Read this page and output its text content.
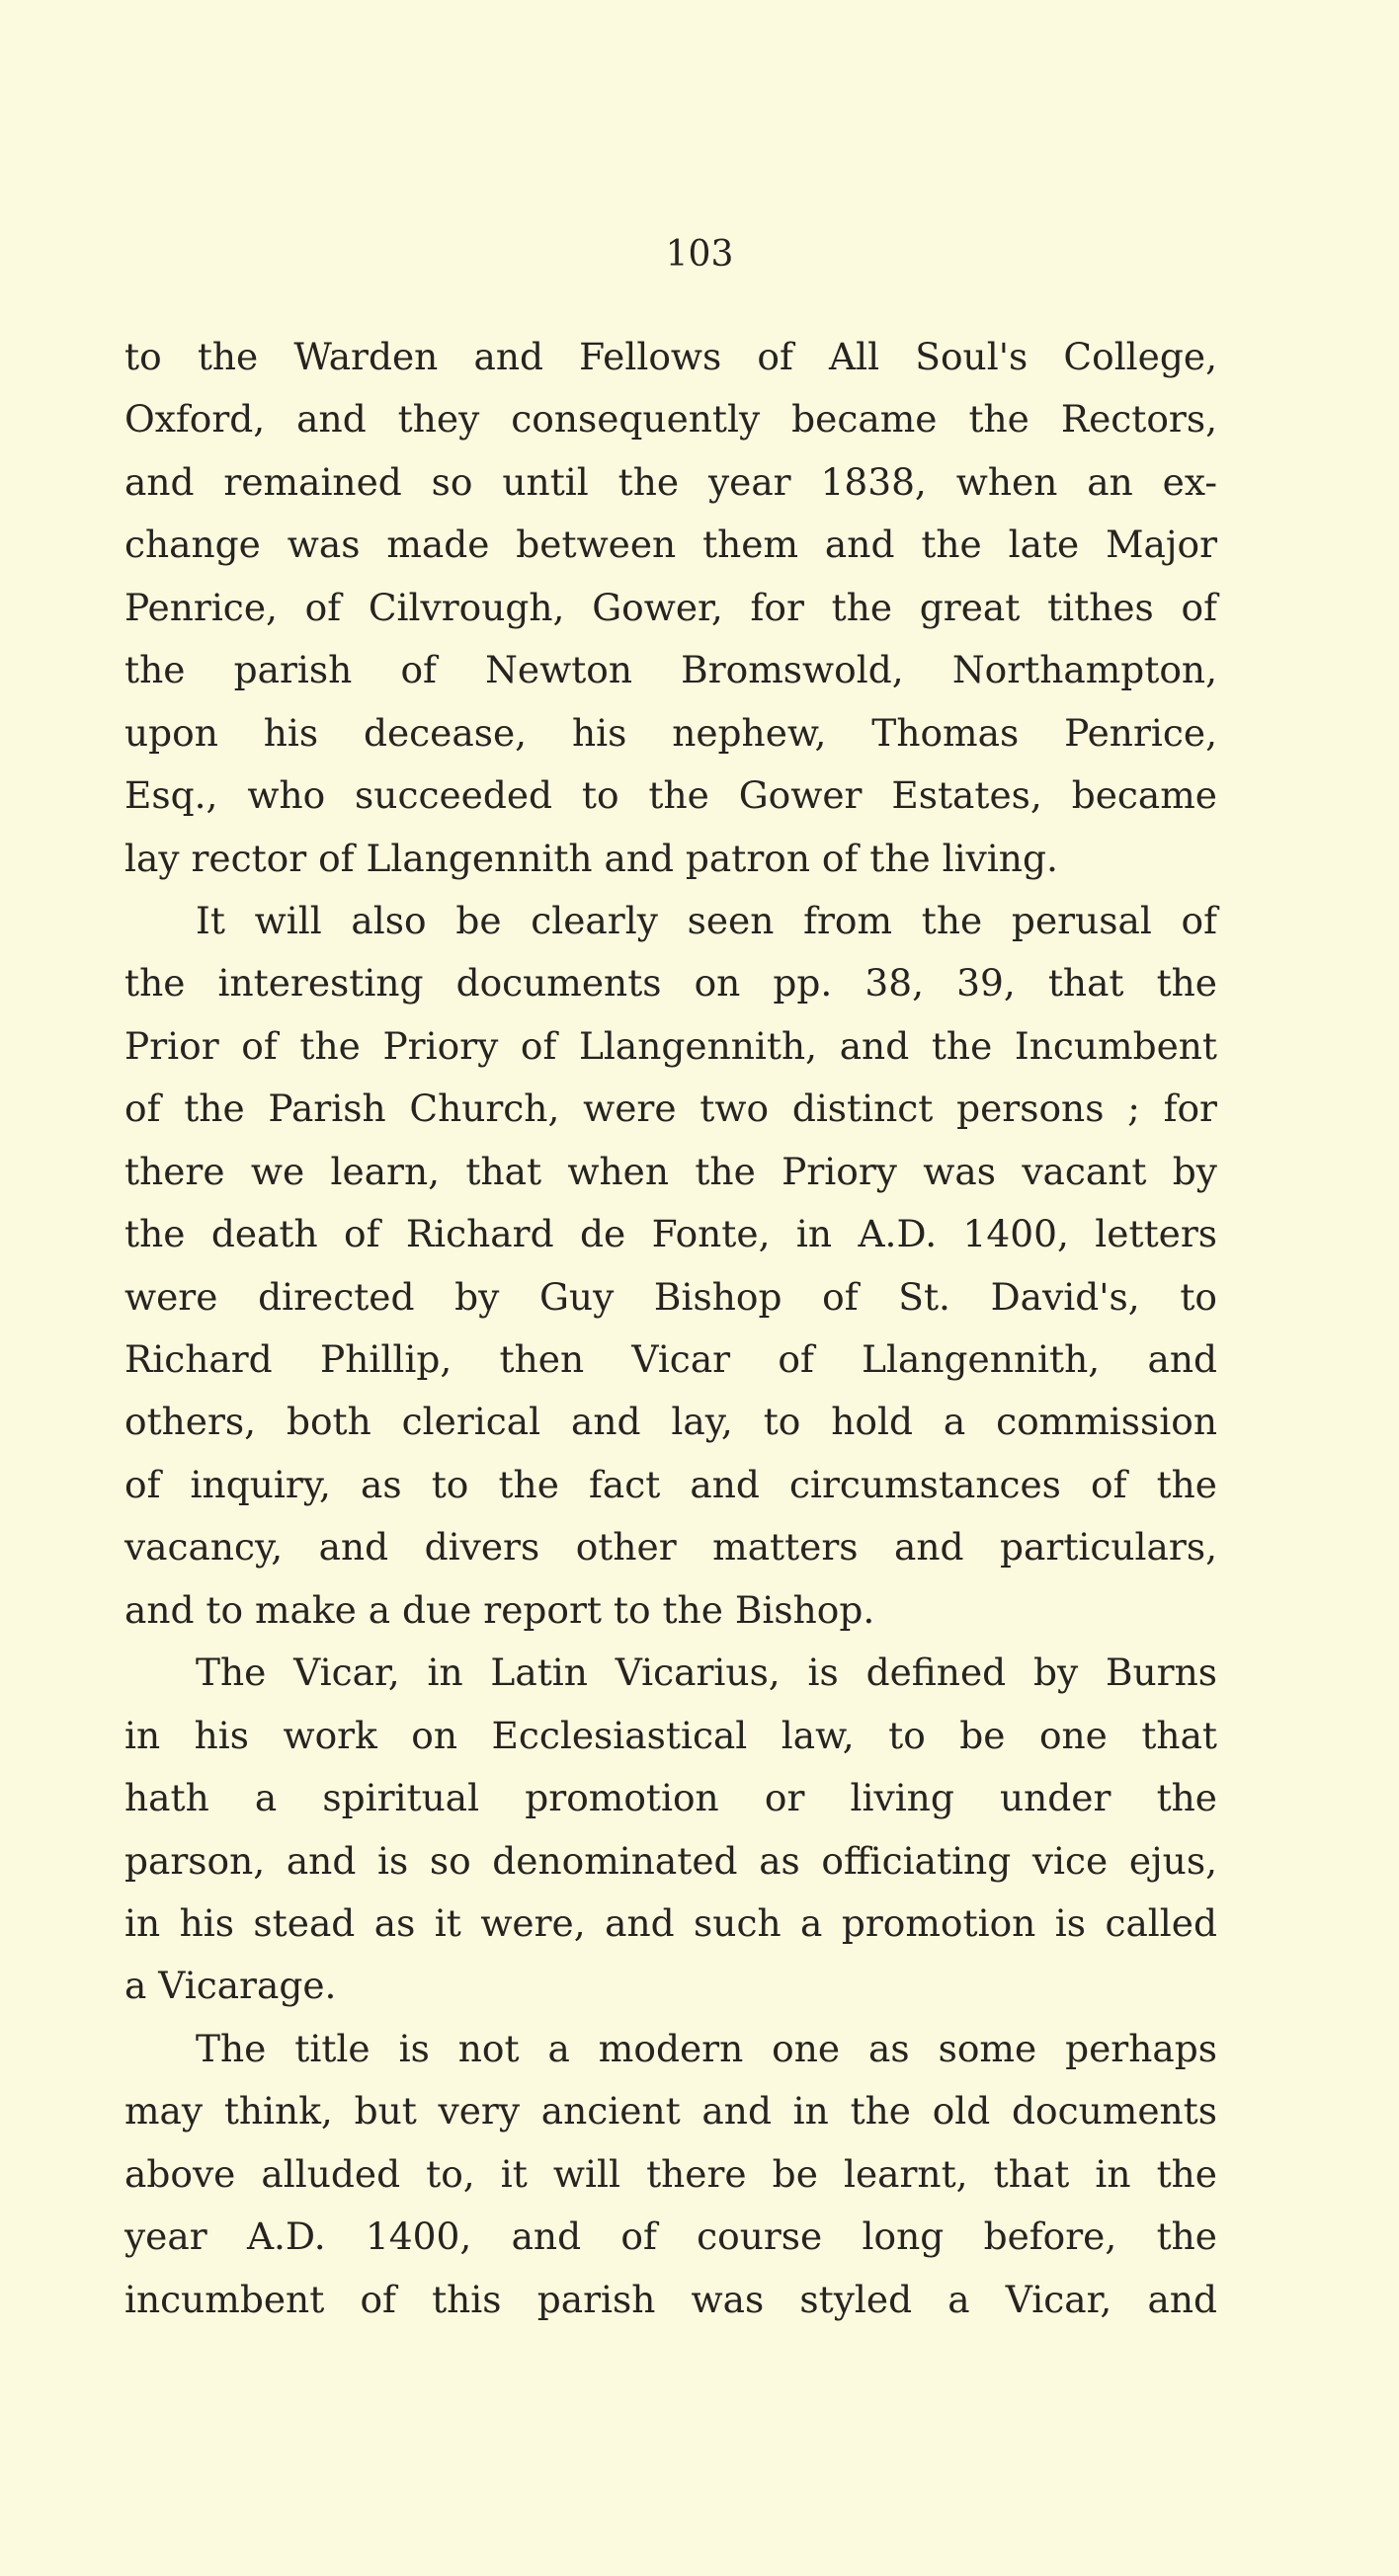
103
to the Warden and Fellows of All Soul's College,
Oxford, and they consequently became the Rectors,
and remained so until the year 1838, when an ex-
change was made between them and the late Major
Penrice, of Cilvrough, Gower, for the great tithes of
the parish of Newton Bromswold, Northampton,
upon his decease, his nephew, Thomas Penrice,
Esq., who succeeded to the Gower Estates, became
lay rector of Llangennith and patron of the living.
It will also be clearly seen from the perusal of
the interesting documents on pp. 38, 39, that the
Prior of the Priory of Llangennith, and the Incumbent
of the Parish Church, were two distinct persons ; for
there we learn, that when the Priory was vacant by
the death of Richard de Fonte, in A.D. 1400, letters
were directed by Guy Bishop of St. David's, to
Richard Phillip, then Vicar of Llangennith, and
others, both clerical and lay, to hold a commission
of inquiry, as to the fact and circumstances of the
vacancy, and divers other matters and particulars,
and to make a due report to the Bishop.
The Vicar, in Latin Vicarius, is defined by Burns
in his work on Ecclesiastical law, to be one that
hath a spiritual promotion or living under the
parson, and is so denominated as officiating vice ejus,
in his stead as it were, and such a promotion is called
a Vicarage.
The title is not a modern one as some perhaps
may think, but very ancient and in the old documents
above alluded to, it will there be learnt, that in the
year A.D. 1400, and of course long before, the
incumbent of this parish was styled a Vicar, and
